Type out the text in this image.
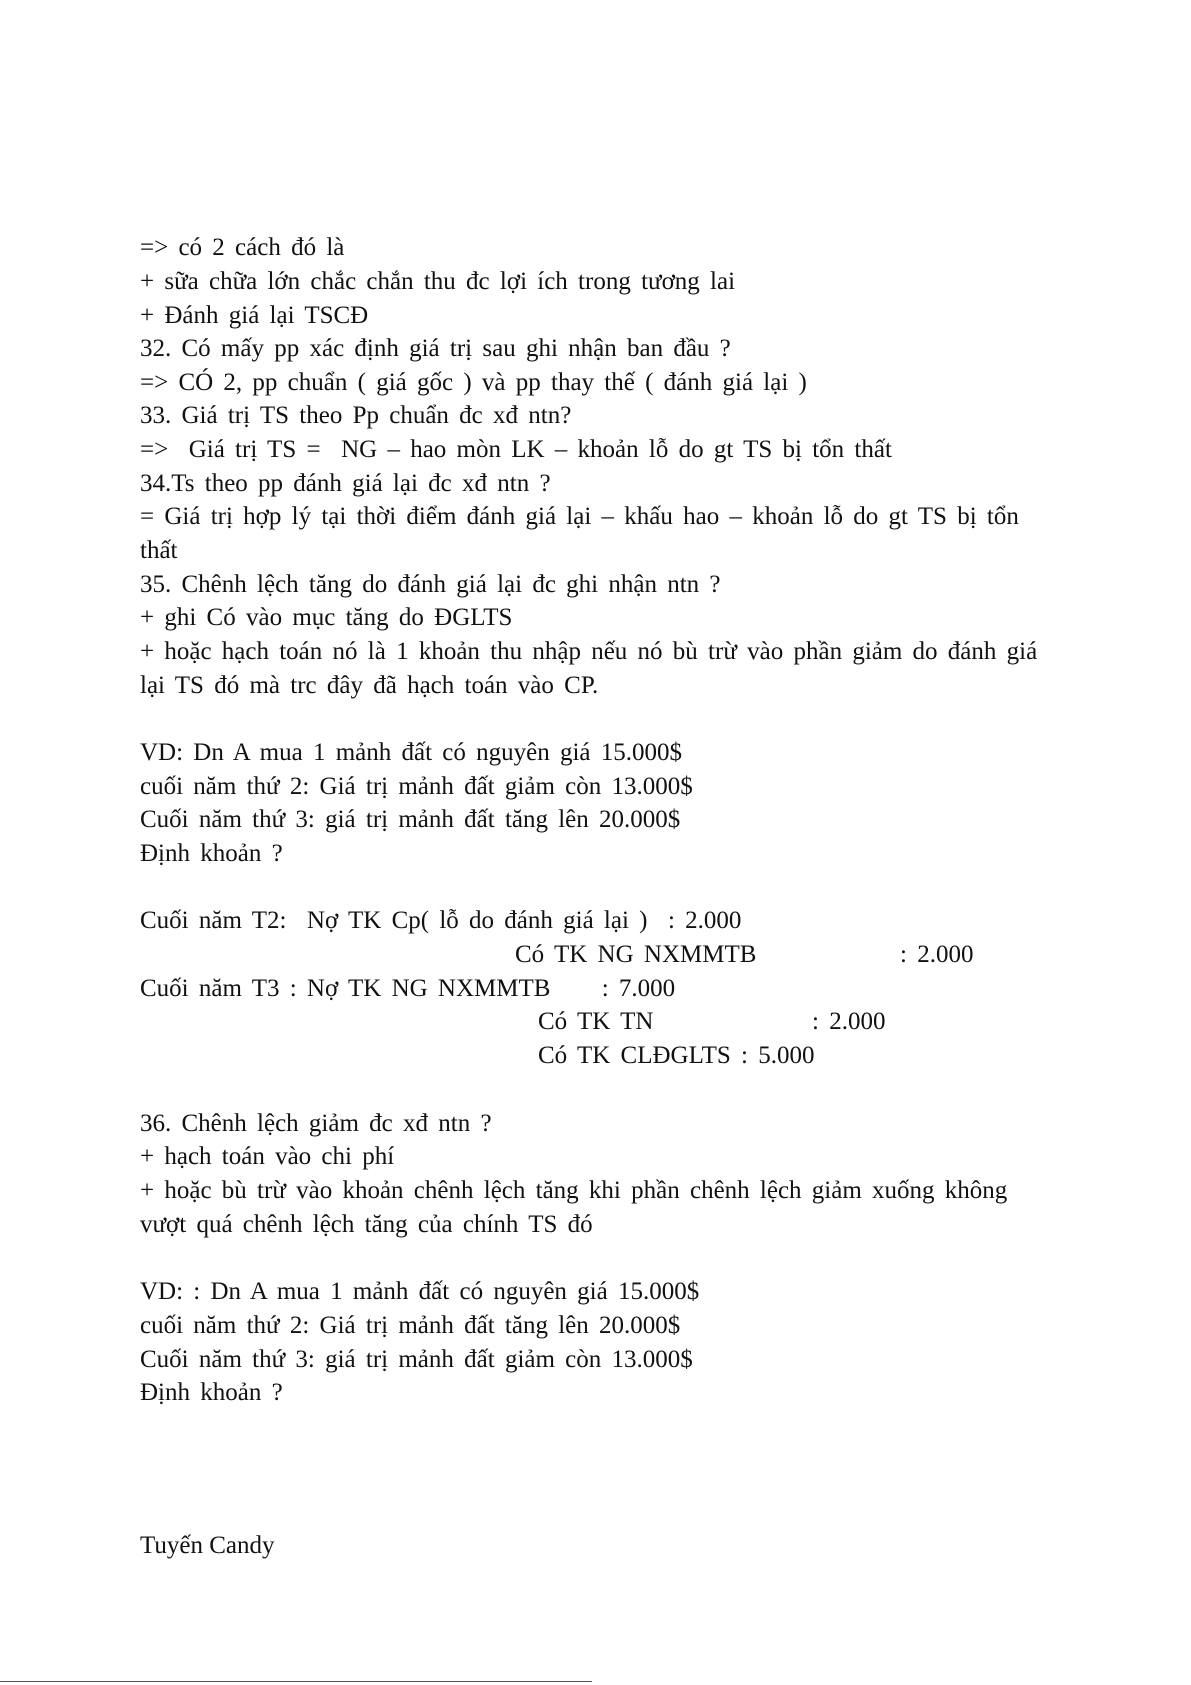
=> có 2 cách đó là

+ sữa chữa lớn chắc chắn thu đc lợi ích trong tương lai

+ Đánh giá lại TSCĐ

32. Có mấy pp xác định giá trị sau ghi nhận ban đầu ?

=> CÓ 2, pp chuẩn ( giá gốc ) và pp thay thế ( đánh giá lại )

33. Giá trị TS theo Pp chuẩn đc xđ ntn?

=>  Giá trị TS =  NG – hao mòn LK – khoản lỗ do gt TS bị tổn thất

34.Ts theo pp đánh giá lại đc xđ ntn ?

= Giá trị hợp lý tại thời điểm đánh giá lại – khấu hao – khoản lỗ do gt TS bị tổn

thất

35. Chênh lệch tăng do đánh giá lại đc ghi nhận ntn ?

+ ghi Có vào mục tăng do ĐGLTS

+ hoặc hạch toán nó là 1 khoản thu nhập nếu nó bù trừ vào phần giảm do đánh giá

lại TS đó mà trc đây đã hạch toán vào CP.

VD: Dn A mua 1 mảnh đất có nguyên giá 15.000$

cuối năm thứ 2: Giá trị mảnh đất giảm còn 13.000$

Cuối năm thứ 3: giá trị mảnh đất tăng lên 20.000$

Định khoản ?

Cuối năm T2:  Nợ TK Cp( lỗ do đánh giá lại )  : 2.000

Có TK NG NXMMTB	: 2.000

Cuối năm T3 : Nợ TK NG NXMMTB     : 7.000

Có TK TN	: 2.000

Có TK CLĐGLTS : 5.000

36. Chênh lệch giảm đc xđ ntn ?

+ hạch toán vào chi phí

+ hoặc bù trừ vào khoản chênh lệch tăng khi phần chênh lệch giảm xuống không

vượt quá chênh lệch tăng của chính TS đó

VD: : Dn A mua 1 mảnh đất có nguyên giá 15.000$

cuối năm thứ 2: Giá trị mảnh đất tăng lên 20.000$

Cuối năm thứ 3: giá trị mảnh đất giảm còn 13.000$

Định khoản ?

Tuyến Candy
